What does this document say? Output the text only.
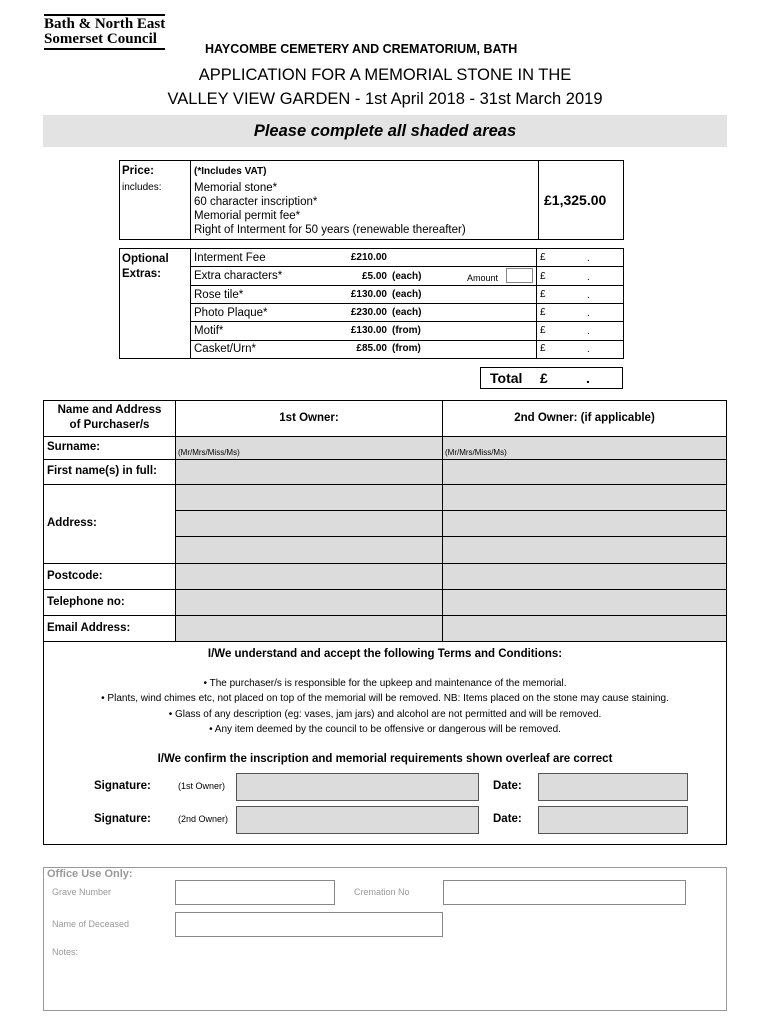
Bath & North East
Somerset Council
HAYCOMBE CEMETERY AND CREMATORIUM, BATH
APPLICATION FOR A MEMORIAL STONE IN THE
VALLEY VIEW GARDEN - 1st April 2018 - 31st March 2019
Please complete all shaded areas
Price:	(*Includes VAT)
includes:	Memorial stone*
60 character inscription*
Memorial permit fee*
Right of Interment for 50 years (renewable thereafter)
£1,325.00
Optional
Extras:
Interment Fee	£210.00	£	.
Extra characters*	£5.00 (each)	Amount	£	.
Rose tile*	£130.00 (each)	£	.
Photo Plaque*	£230.00 (each)	£	.
Motif*	£130.00 (from)	£	.
Casket/Urn*	£85.00 (from)	£	.
Total £	.
Name and Address
of Purchaser/s
1st Owner:	2nd Owner: (if applicable)
Surname:	(Mr/Mrs/Miss/Ms)	(Mr/Mrs/Miss/Ms)
First name(s) in full:
Address:
Postcode:
Telephone no:
Email Address:
I/We understand and accept the following Terms and Conditions:
• The purchaser/s is responsible for the upkeep and maintenance of the memorial.
• Plants, wind chimes etc, not placed on top of the memorial will be removed. NB: Items placed on the stone may cause staining.
• Glass of any description (eg: vases, jam jars) and alcohol are not permitted and will be removed.
• Any item deemed by the council to be offensive or dangerous will be removed.
I/We confirm the inscription and memorial requirements shown overleaf are correct
Signature:	(1st Owner)	Date:
Signature:	(2nd Owner)	Date:
Office Use Only:
Grave Number	Cremation No
Name of Deceased
Notes:
